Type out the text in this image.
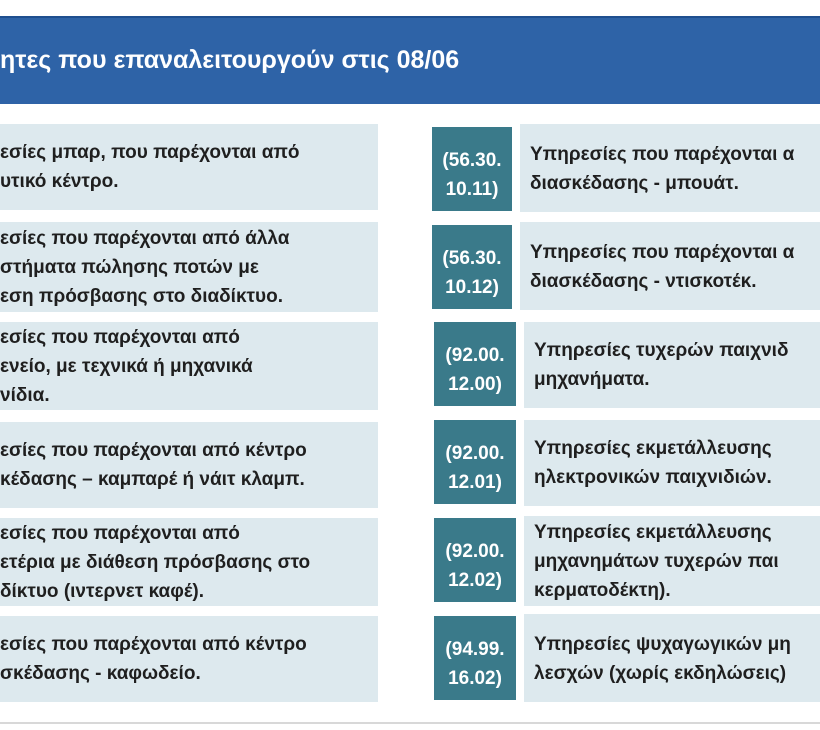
ητες που επαναλειτουργούν στις 08/06
εσίες μπαρ, που παρέχονται από
υτικό κέντρο.
εσίες που παρέχονται από άλλα
στήματα πώλησης ποτών με
εση πρόσβασης στο διαδίκτυο.
εσίες που παρέχονται από
ενείο, με τεχνικά ή μηχανικά
νίδια.
εσίες που παρέχονται από κέντρο
κέδασης – καμπαρέ ή νάιτ κλαμπ.
εσίες που παρέχονται από
ετέρια με διάθεση πρόσβασης στο
δίκτυο (ιντερνετ καφέ).
εσίες που παρέχονται από κέντρο
σκέδασης - καφωδείο.
(56.30.
10.11)
(56.30.
10.12)
(92.00.
12.00)
(92.00.
12.01)
(92.00.
12.02)
(94.99.
16.02)
Υπηρεσίες που παρέχονται α
διασκέδασης - μπουάτ.
Υπηρεσίες που παρέχονται α
διασκέδασης - ντισκοτέκ.
Υπηρεσίες τυχερών παιχνιδ
μηχανήματα.
Υπηρεσίες εκμετάλλευσης
ηλεκτρονικών παιχνιδιών.
Υπηρεσίες εκμετάλλευσης
μηχανημάτων τυχερών παι
κερματοδέκτη).
Υπηρεσίες ψυχαγωγικών μη
λεσχών (χωρίς εκδηλώσεις)
